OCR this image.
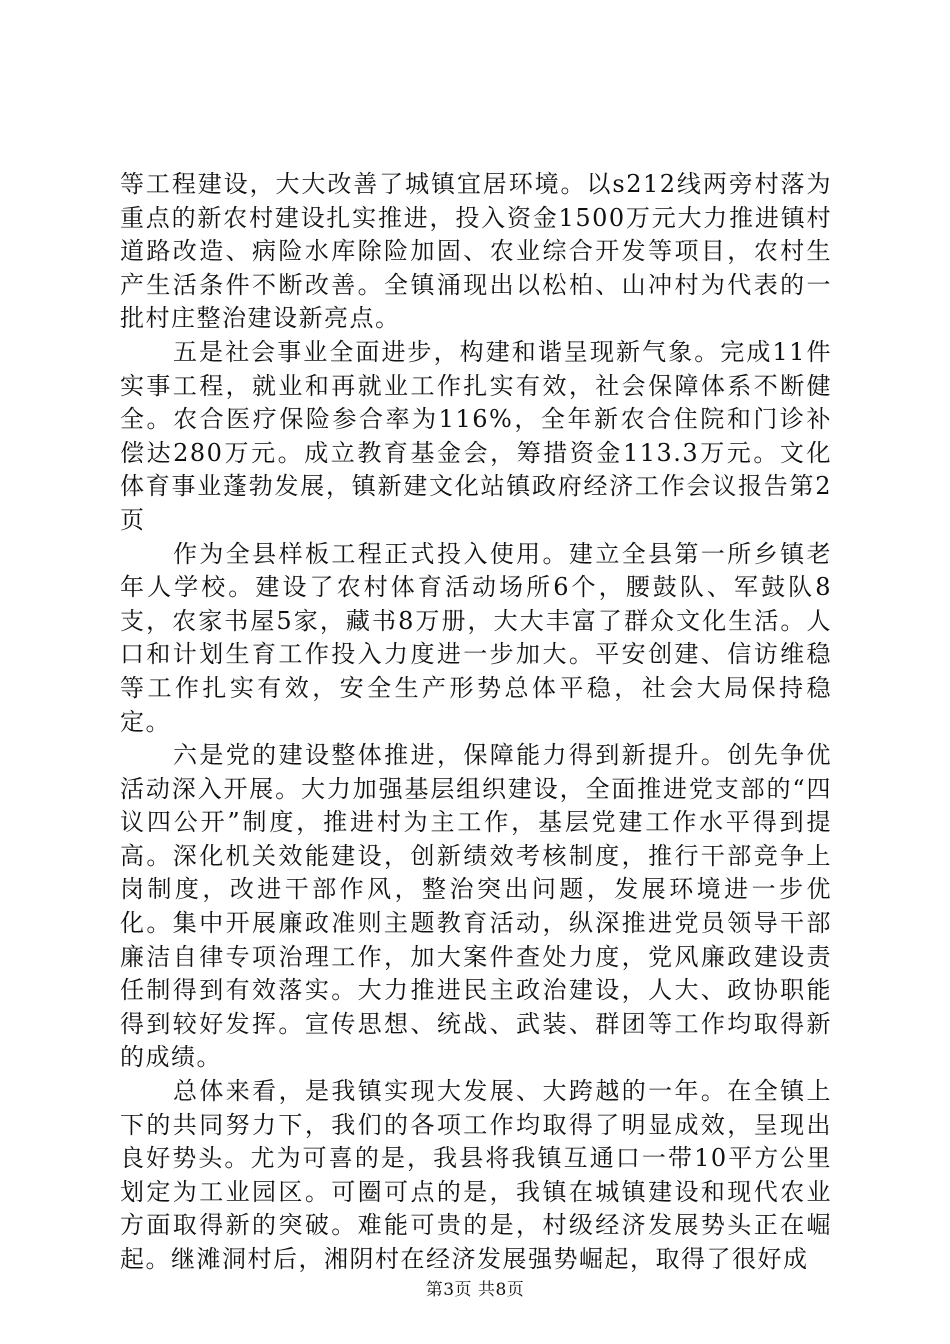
等工程建设，大大改善了城镇宜居环境。以s212线两旁村落为重点的新农村建设扎实推进，投入资金1500万元大力推进镇村道路改造、病险水库除险加固、农业综合开发等项目，农村生产生活条件不断改善。全镇涌现出以松柏、山冲村为代表的一批村庄整治建设新亮点。

五是社会事业全面进步，构建和谐呈现新气象。完成11件实事工程，就业和再就业工作扎实有效，社会保障体系不断健全。农合医疗保险参合率为116%，全年新农合住院和门诊补偿达280万元。成立教育基金会，筹措资金113.3万元。文化体育事业蓬勃发展，镇新建文化站镇政府经济工作会议报告第2页

作为全县样板工程正式投入使用。建立全县第一所乡镇老年人学校。建设了农村体育活动场所6个，腰鼓队、军鼓队8支，农家书屋5家，藏书8万册，大大丰富了群众文化生活。人口和计划生育工作投入力度进一步加大。平安创建、信访维稳等工作扎实有效，安全生产形势总体平稳，社会大局保持稳定。

六是党的建设整体推进，保障能力得到新提升。创先争优活动深入开展。大力加强基层组织建设，全面推进党支部的“四议四公开”制度，推进村为主工作，基层党建工作水平得到提高。深化机关效能建设，创新绩效考核制度，推行干部竞争上岗制度，改进干部作风，整治突出问题，发展环境进一步优化。集中开展廉政准则主题教育活动，纵深推进党员领导干部廉洁自律专项治理工作，加大案件查处力度，党风廉政建设责任制得到有效落实。大力推进民主政治建设，人大、政协职能得到较好发挥。宣传思想、统战、武装、群团等工作均取得新的成绩。

总体来看，是我镇实现大发展、大跨越的一年。在全镇上下的共同努力下，我们的各项工作均取得了明显成效，呈现出良好势头。尤为可喜的是，我县将我镇互通口一带10平方公里划定为工业园区。可圈可点的是，我镇在城镇建设和现代农业方面取得新的突破。难能可贵的是，村级经济发展势头正在崛起。继滩洞村后，湘阴村在经济发展强势崛起，取得了很好成

第3页 共8页
